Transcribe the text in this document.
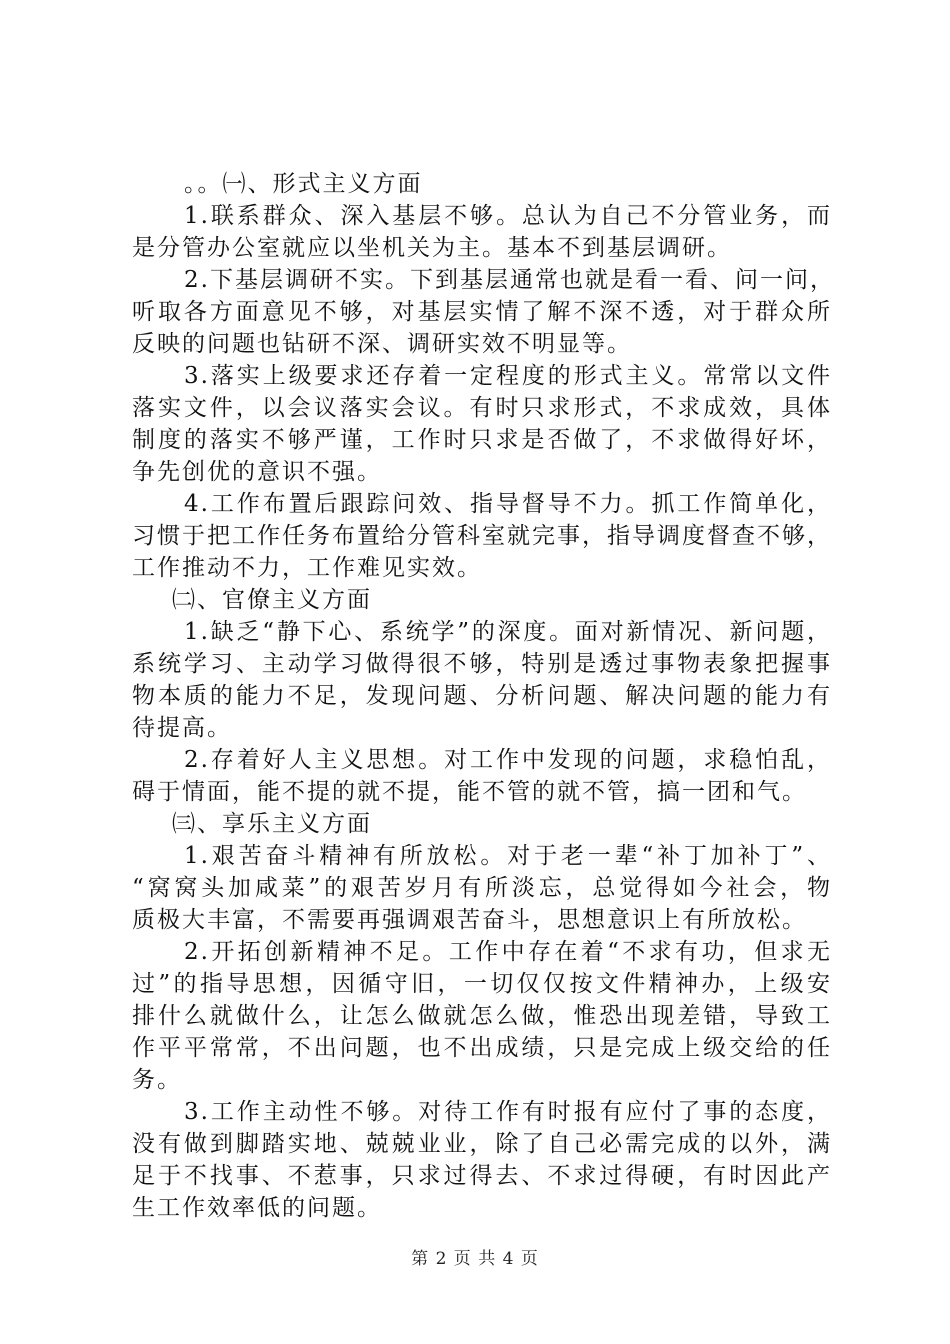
。。㈠、形式主义方面
1.联系群众、深入基层不够。总认为自己不分管业务，而
是分管办公室就应以坐机关为主。基本不到基层调研。
2.下基层调研不实。下到基层通常也就是看一看、问一问，
听取各方面意见不够，对基层实情了解不深不透，对于群众所
反映的问题也钻研不深、调研实效不明显等。
3.落实上级要求还存着一定程度的形式主义。常常以文件
落实文件，以会议落实会议。有时只求形式，不求成效，具体
制度的落实不够严谨，工作时只求是否做了，不求做得好坏，
争先创优的意识不强。
4.工作布置后跟踪问效、指导督导不力。抓工作简单化，
习惯于把工作任务布置给分管科室就完事，指导调度督查不够，
工作推动不力，工作难见实效。
㈡、官僚主义方面
1.缺乏“静下心、系统学”的深度。面对新情况、新问题，
系统学习、主动学习做得很不够，特别是透过事物表象把握事
物本质的能力不足，发现问题、分析问题、解决问题的能力有
待提高。
2.存着好人主义思想。对工作中发现的问题，求稳怕乱，
碍于情面，能不提的就不提，能不管的就不管，搞一团和气。
㈢、享乐主义方面
1.艰苦奋斗精神有所放松。对于老一辈“补丁加补丁”、
“窝窝头加咸菜”的艰苦岁月有所淡忘，总觉得如今社会，物
质极大丰富，不需要再强调艰苦奋斗，思想意识上有所放松。
2.开拓创新精神不足。工作中存在着“不求有功，但求无
过”的指导思想，因循守旧，一切仅仅按文件精神办，上级安
排什么就做什么，让怎么做就怎么做，惟恐出现差错，导致工
作平平常常，不出问题，也不出成绩，只是完成上级交给的任
务。
3.工作主动性不够。对待工作有时报有应付了事的态度，
没有做到脚踏实地、兢兢业业，除了自己必需完成的以外，满
足于不找事、不惹事，只求过得去、不求过得硬，有时因此产
生工作效率低的问题。
第 2 页 共 4 页
